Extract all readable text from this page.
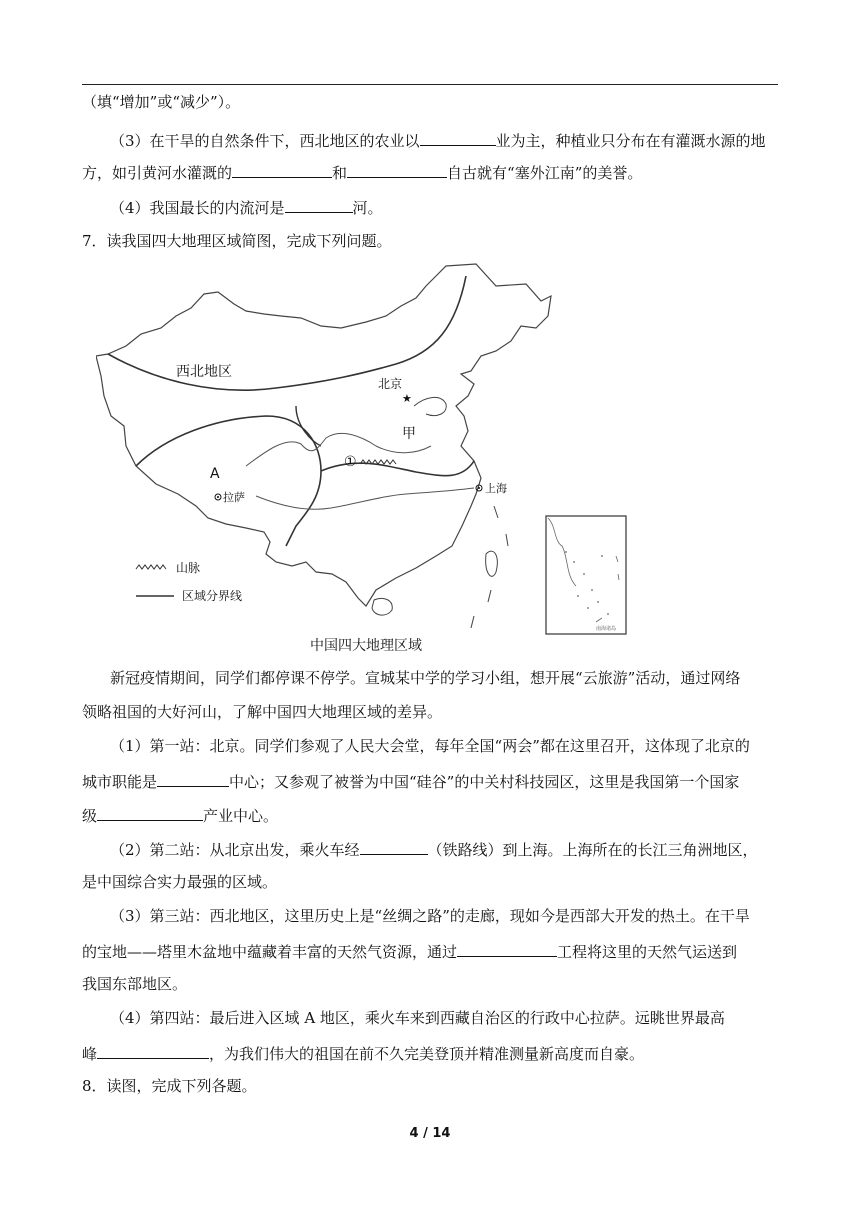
（填“增加”或“减少”）。
（3）在干旱的自然条件下，西北地区的农业以	业为主，种植业只分布在有灌溉水源的地
方，如引黄河水灌溉的	和	自古就有“塞外江南”的美誉。
（4）我国最长的内流河是	河。
7．读我国四大地理区域简图，完成下列问题。
★
北京
甲
西北地区
A
拉萨
上海
①
山脉
区域分界线
南海诸岛
中国四大地理区域
新冠疫情期间，同学们都停课不停学。宣城某中学的学习小组，想开展“云旅游”活动，通过网络
领略祖国的大好河山，了解中国四大地理区域的差异。
（1）第一站：北京。同学们参观了人民大会堂，每年全国“两会”都在这里召开，这体现了北京的
城市职能是	中心；又参观了被誉为中国“硅谷”的中关村科技园区，这里是我国第一个国家
级	产业中心。
（2）第二站：从北京出发，乘火车经	（铁路线）到上海。上海所在的长江三角洲地区，
是中国综合实力最强的区域。
（3）第三站：西北地区，这里历史上是“丝绸之路”的走廊，现如今是西部大开发的热土。在干旱
的宝地——塔里木盆地中蕴藏着丰富的天然气资源，通过	工程将这里的天然气运送到
我国东部地区。
（4）第四站：最后进入区域 A 地区，乘火车来到西藏自治区的行政中心拉萨。远眺世界最高
峰	，为我们伟大的祖国在前不久完美登顶并精准测量新高度而自豪。
8．读图，完成下列各题。
4 / 14
